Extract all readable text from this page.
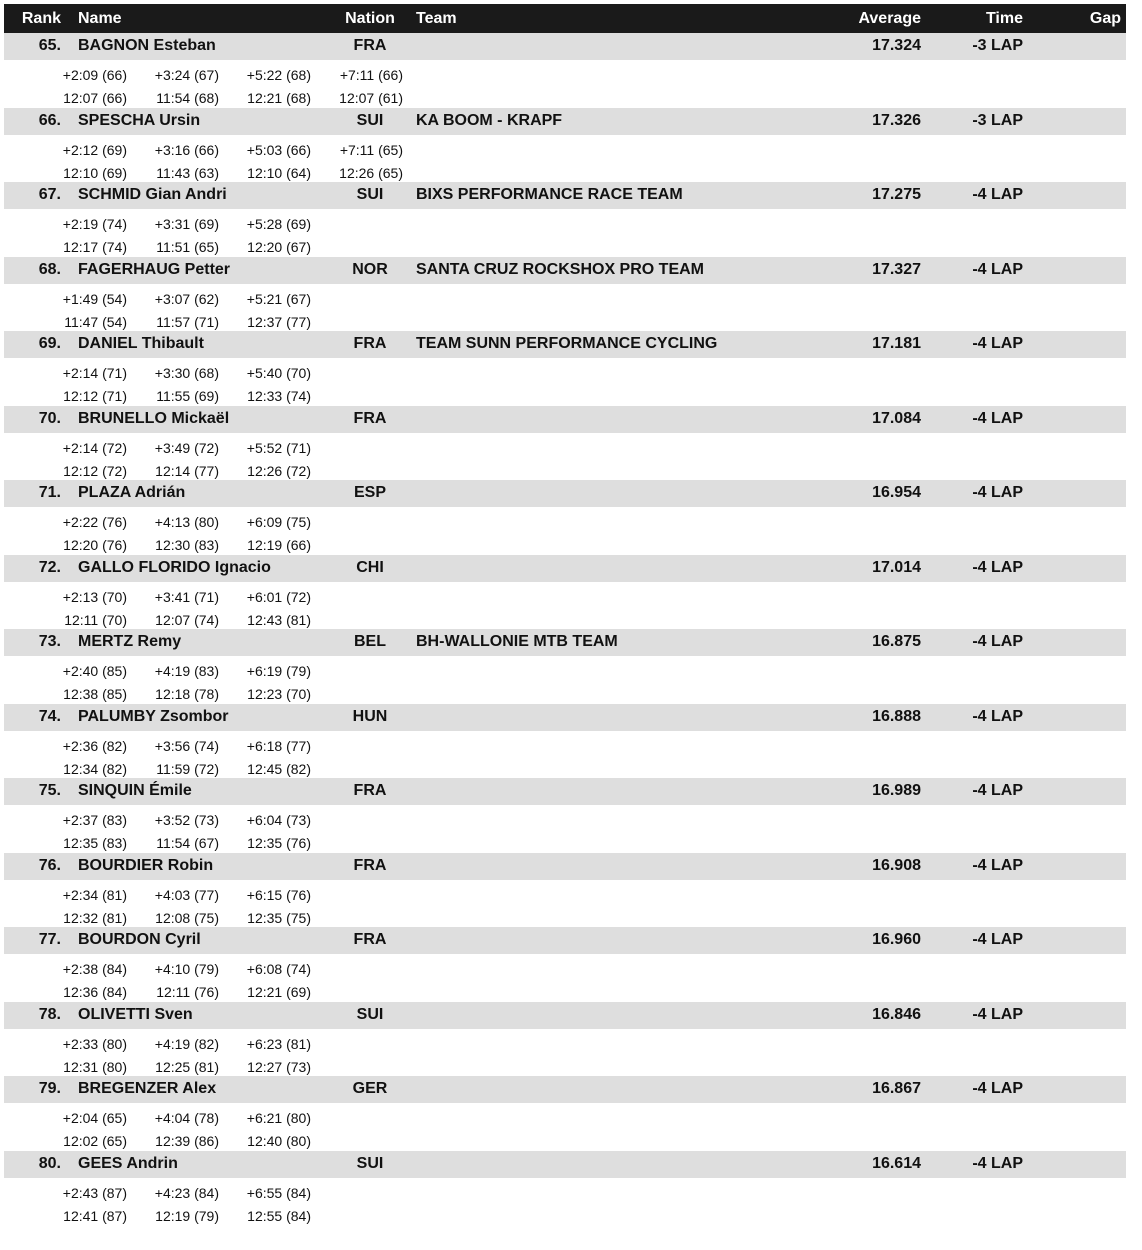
Rank Name	Nation Team	Average	Time	Gap
65. BAGNON Esteban	FRA	17.324	-3 LAP
+2:09 (66) +3:24 (67) +5:22 (68) +7:11 (66)
12:07 (66) 11:54 (68) 12:21 (68) 12:07 (61)
66. SPESCHA Ursin	SUI	KA BOOM - KRAPF	17.326	-3 LAP
+2:12 (69) +3:16 (66) +5:03 (66) +7:11 (65)
12:10 (69) 11:43 (63) 12:10 (64) 12:26 (65)
67. SCHMID Gian Andri	SUI	BIXS PERFORMANCE RACE TEAM	17.275	-4 LAP
+2:19 (74) +3:31 (69) +5:28 (69)
12:17 (74) 11:51 (65) 12:20 (67)
68. FAGERHAUG Petter	NOR	SANTA CRUZ ROCKSHOX PRO TEAM	17.327	-4 LAP
+1:49 (54) +3:07 (62) +5:21 (67)
11:47 (54) 11:57 (71) 12:37 (77)
69. DANIEL Thibault	FRA	TEAM SUNN PERFORMANCE CYCLING	17.181	-4 LAP
+2:14 (71) +3:30 (68) +5:40 (70)
12:12 (71) 11:55 (69) 12:33 (74)
70. BRUNELLO Mickaël	FRA	17.084	-4 LAP
+2:14 (72) +3:49 (72) +5:52 (71)
12:12 (72) 12:14 (77) 12:26 (72)
71. PLAZA Adrián	ESP	16.954	-4 LAP
+2:22 (76) +4:13 (80) +6:09 (75)
12:20 (76) 12:30 (83) 12:19 (66)
72. GALLO FLORIDO Ignacio	CHI	17.014	-4 LAP
+2:13 (70) +3:41 (71) +6:01 (72)
12:11 (70) 12:07 (74) 12:43 (81)
73. MERTZ Remy	BEL	BH-WALLONIE MTB TEAM	16.875	-4 LAP
+2:40 (85) +4:19 (83) +6:19 (79)
12:38 (85) 12:18 (78) 12:23 (70)
74. PALUMBY Zsombor	HUN	16.888	-4 LAP
+2:36 (82) +3:56 (74) +6:18 (77)
12:34 (82) 11:59 (72) 12:45 (82)
75. SINQUIN Émile	FRA	16.989	-4 LAP
+2:37 (83) +3:52 (73) +6:04 (73)
12:35 (83) 11:54 (67) 12:35 (76)
76. BOURDIER Robin	FRA	16.908	-4 LAP
+2:34 (81) +4:03 (77) +6:15 (76)
12:32 (81) 12:08 (75) 12:35 (75)
77. BOURDON Cyril	FRA	16.960	-4 LAP
+2:38 (84) +4:10 (79) +6:08 (74)
12:36 (84) 12:11 (76) 12:21 (69)
78. OLIVETTI Sven	SUI	16.846	-4 LAP
+2:33 (80) +4:19 (82) +6:23 (81)
12:31 (80) 12:25 (81) 12:27 (73)
79. BREGENZER Alex	GER	16.867	-4 LAP
+2:04 (65) +4:04 (78) +6:21 (80)
12:02 (65) 12:39 (86) 12:40 (80)
80. GEES Andrin	SUI	16.614	-4 LAP
+2:43 (87) +4:23 (84) +6:55 (84)
12:41 (87) 12:19 (79) 12:55 (84)
